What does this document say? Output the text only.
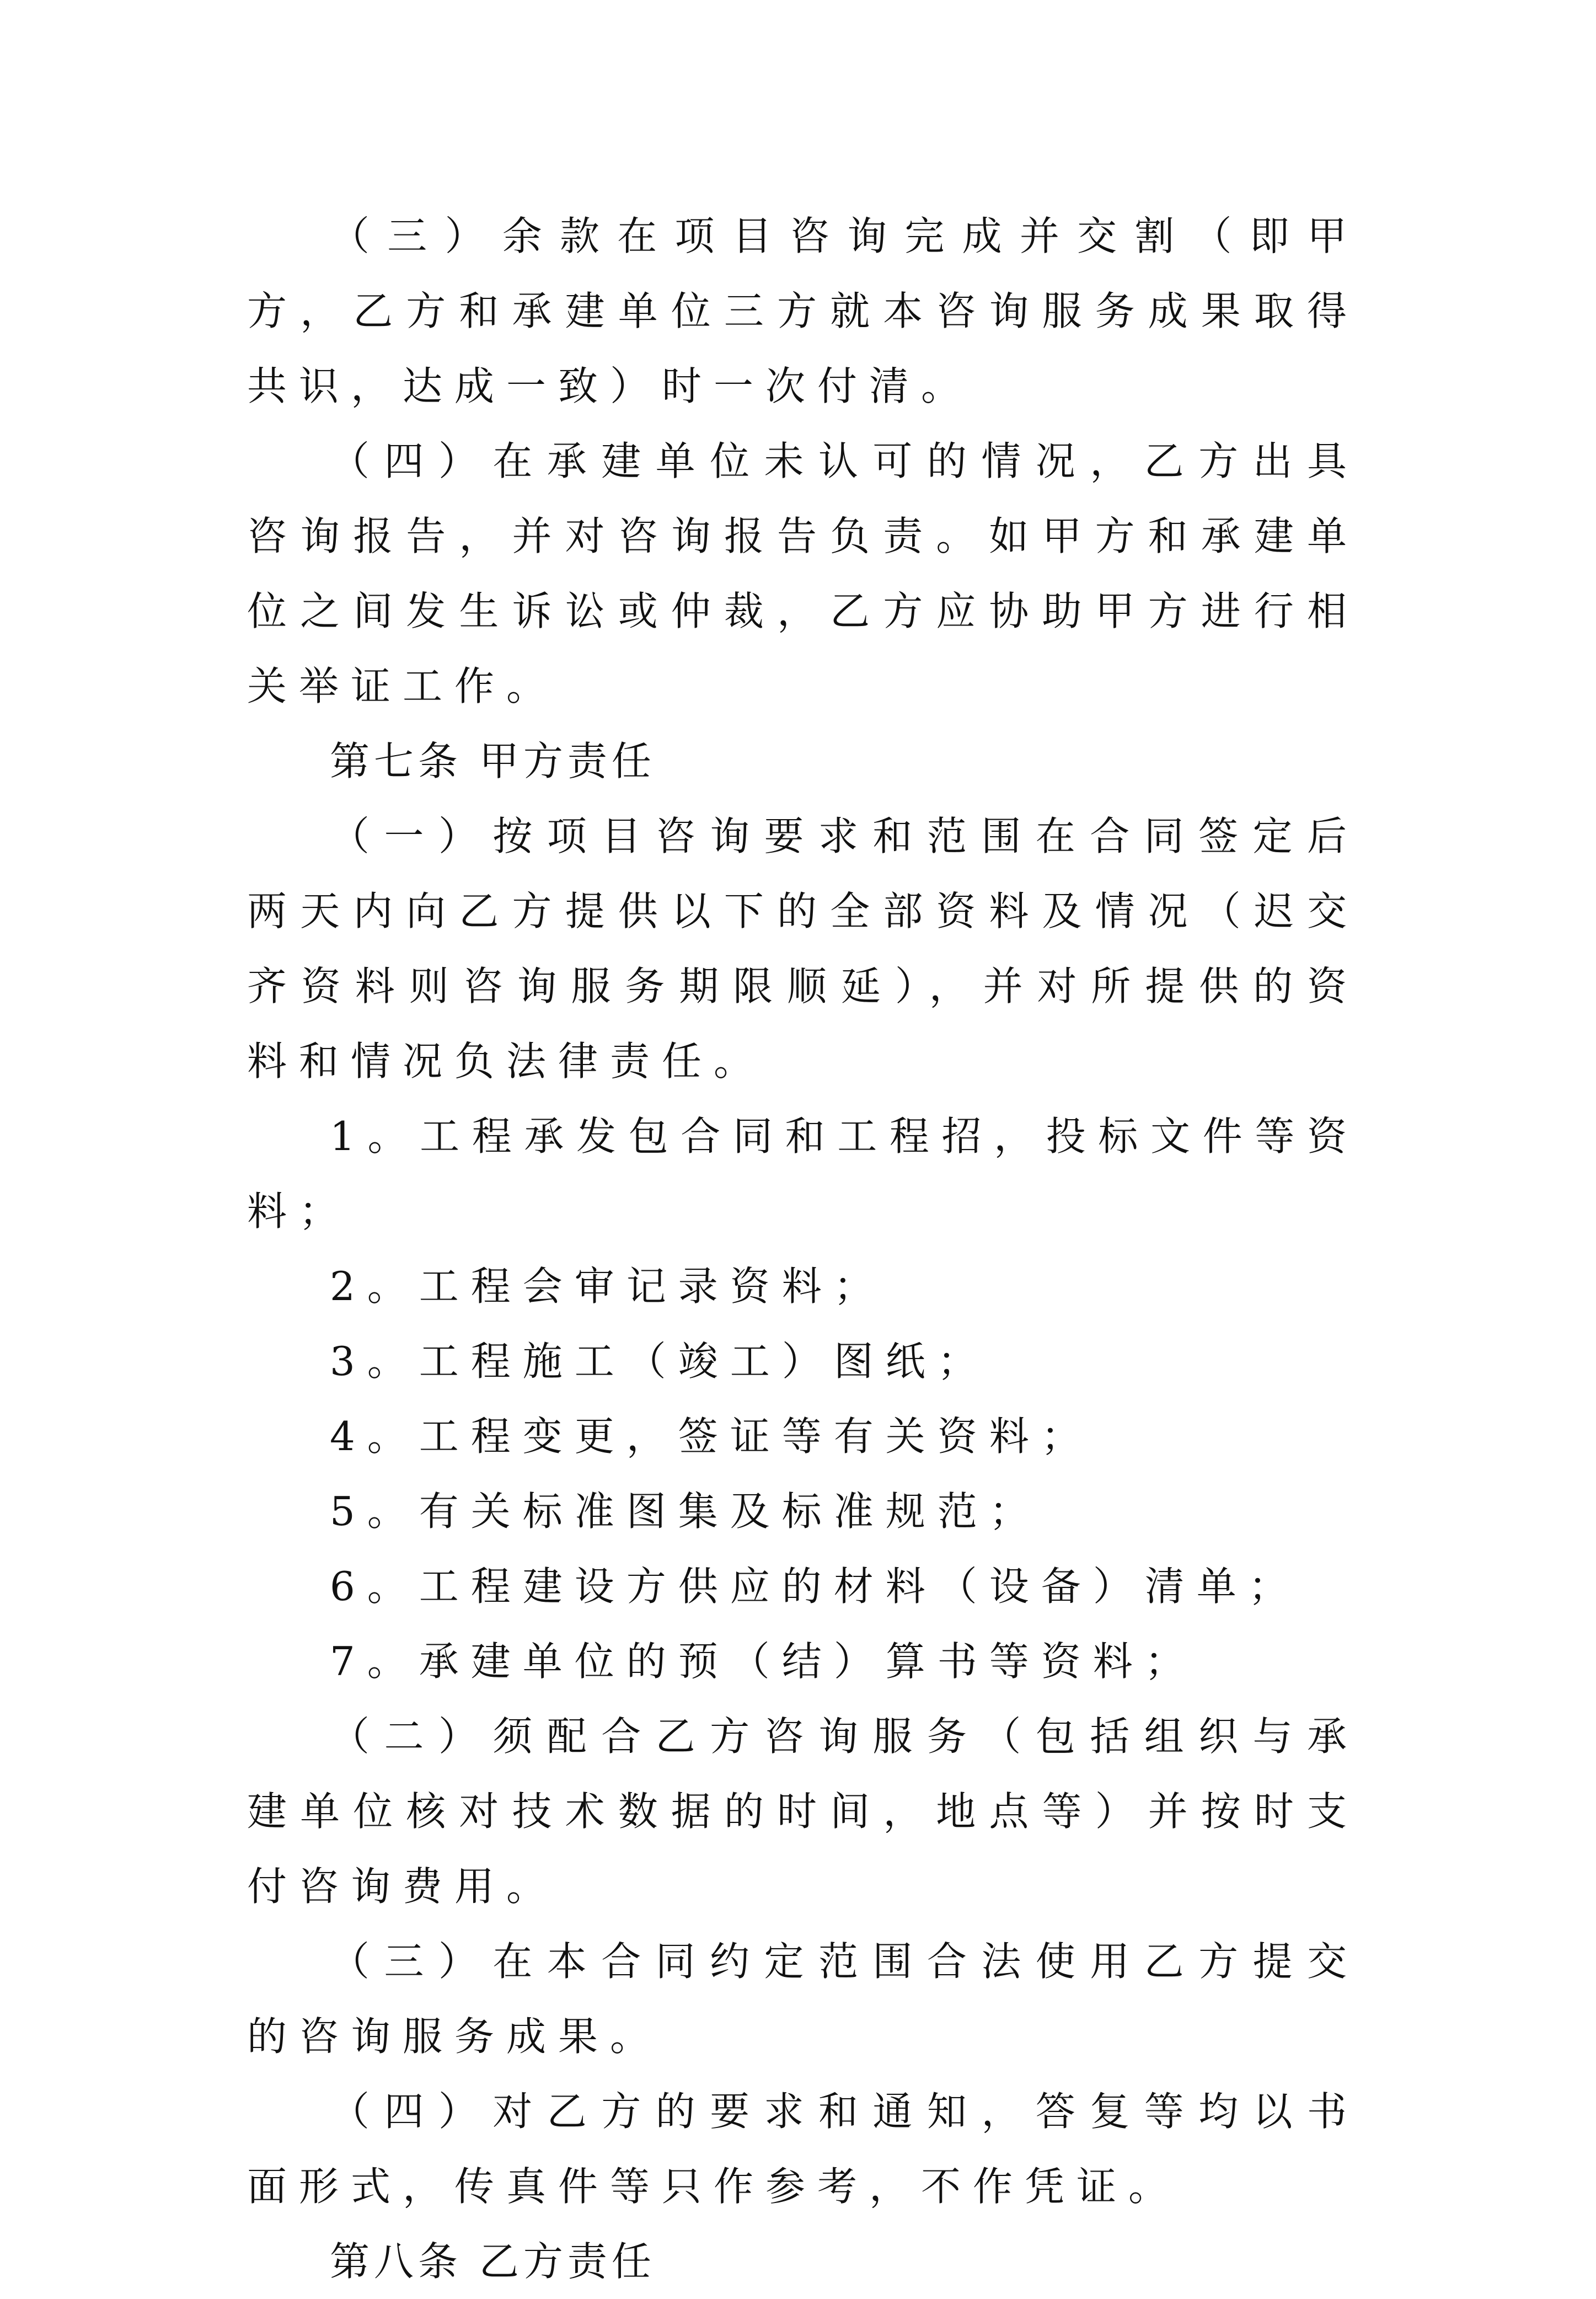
（三）余款在项目咨询完成并交割（即甲方，乙方和承建单位三方就本咨询服务成果取得共识，达成一致）时一次付清。

（四）在承建单位未认可的情况，乙方出具咨询报告，并对咨询报告负责。如甲方和承建单位之间发生诉讼或仲裁，乙方应协助甲方进行相关举证工作。

第七条 甲方责任

（一）按项目咨询要求和范围在合同签定后两天内向乙方提供以下的全部资料及情况（迟交齐资料则咨询服务期限顺延），并对所提供的资料和情况负法律责任。

1。工程承发包合同和工程招，投标文件等资料；

2。工程会审记录资料；

3。工程施工（竣工）图纸；

4。工程变更，签证等有关资料；

5。有关标准图集及标准规范；

6。工程建设方供应的材料（设备）清单；

7。承建单位的预（结）算书等资料；

（二）须配合乙方咨询服务（包括组织与承建单位核对技术数据的时间，地点等）并按时支付咨询费用。

（三）在本合同约定范围合法使用乙方提交的咨询服务成果。

（四）对乙方的要求和通知，答复等均以书面形式，传真件等只作参考，不作凭证。

第八条 乙方责任
